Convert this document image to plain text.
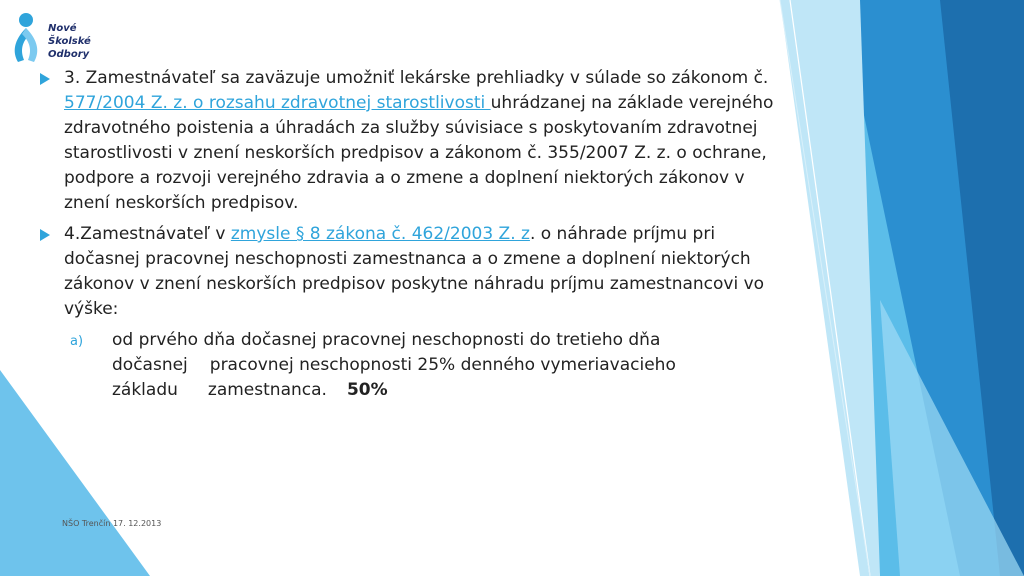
Nové
Školské
Odbory
3. Zamestnávateľ sa zaväzuje umožniť lekárske prehliadky v súlade so zákonom č. 577/2004 Z. z. o rozsahu zdravotnej starostlivosti uhrádzanej na základe verejného zdravotného poistenia a úhradách za služby súvisiace s poskytovaním zdravotnej starostlivosti v znení neskorších predpisov a zákonom č. 355/2007 Z. z. o ochrane, podpore a rozvoji verejného zdravia a o zmene a doplnení niektorých zákonov v znení neskorších predpisov.
4.Zamestnávateľ v zmysle § 8 zákona č. 462/2003 Z. z. o náhrade príjmu pri dočasnej pracovnej neschopnosti zamestnanca a o zmene a doplnení niektorých zákonov v znení neskorších predpisov poskytne náhradu príjmu zamestnancovi vo výške:
a) od prvého dňa dočasnej pracovnej neschopnosti do tretieho dňa
dočasnej pracovnej neschopnosti 25% denného vymeriavacieho
základu zamestnanca. 50%
NŠO Trenčín 17. 12.2013
